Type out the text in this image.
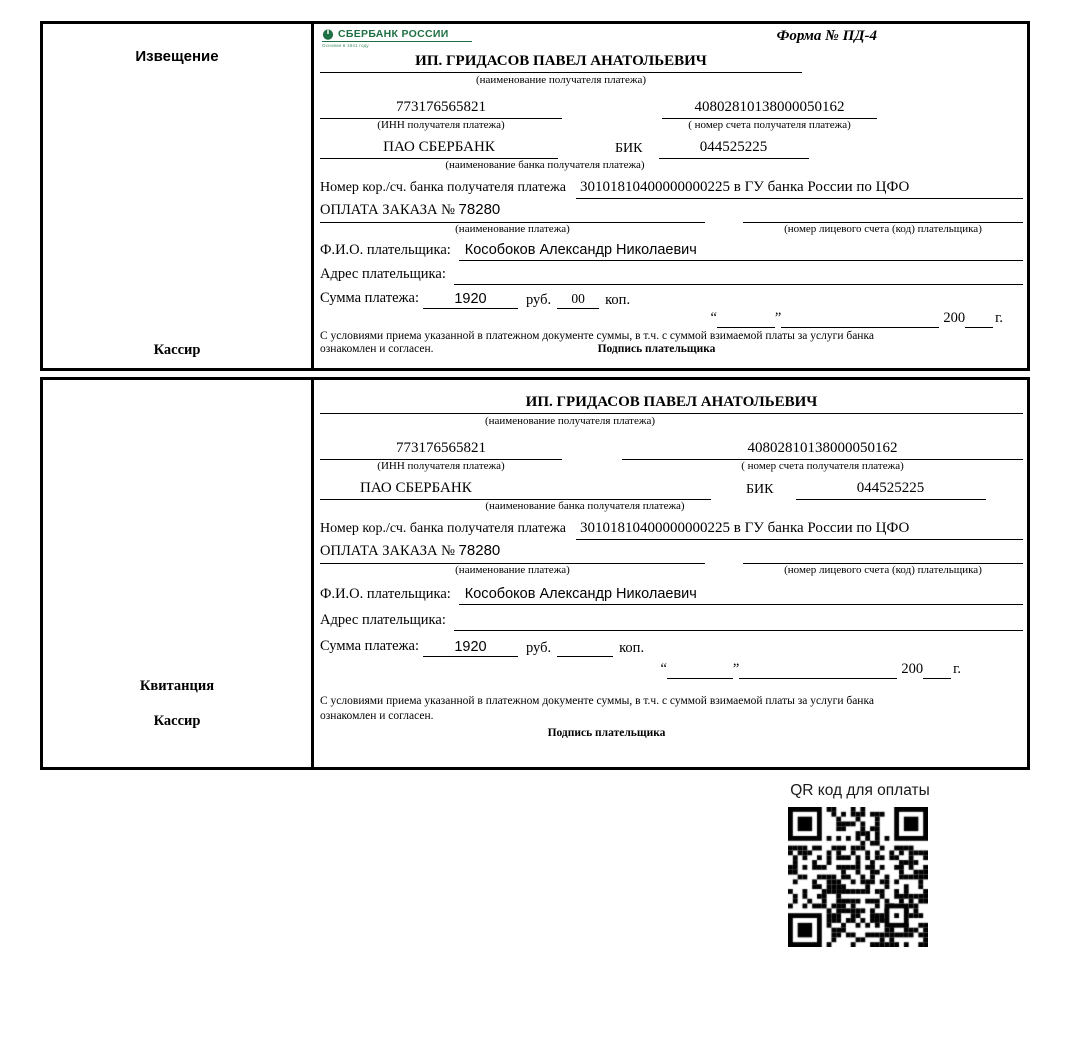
Извещение
Кассир
СБЕРБАНК РОССИИ
Основан в 1841 году
Форма № ПД-4
ИП. ГРИДАСОВ ПАВЕЛ АНАТОЛЬЕВИЧ
(наименование получателя платежа)
773176565821	40802810138000050162
(ИНН получателя платежа)	( номер счета получателя платежа)
ПАО СБЕРБАНК	БИК	044525225
(наименование банка получателя платежа)
Номер кор./сч. банка получателя платежа 30101810400000000225 в ГУ банка России по ЦФО
ОПЛАТА ЗАКАЗА № 78280
(наименование платежа)	(номер лицевого счета (код) плательщика)
Ф.И.О. плательщика: Кособоков Александр Николаевич
Адрес плательщика:
Сумма платежа:	1920	руб.	00	коп.
“	”	200 г.
С условиями приема указанной в платежном документе суммы, в т.ч. с суммой взимаемой платы за услуги банка
ознакомлен и согласен.	Подпись плательщика
Квитанция
Кассир
ИП. ГРИДАСОВ ПАВЕЛ АНАТОЛЬЕВИЧ
(наименование получателя платежа)
773176565821	40802810138000050162
(ИНН получателя платежа)	( номер счета получателя платежа)
ПАО СБЕРБАНК	БИК	044525225
(наименование банка получателя платежа)
Номер кор./сч. банка получателя платежа 30101810400000000225 в ГУ банка России по ЦФО
ОПЛАТА ЗАКАЗА № 78280
(наименование платежа)	(номер лицевого счета (код) плательщика)
Ф.И.О. плательщика: Кособоков Александр Николаевич
Адрес плательщика:
Сумма платежа:	1920	руб.	коп.
“	”	200 г.
С условиями приема указанной в платежном документе суммы, в т.ч. с суммой взимаемой платы за услуги банка
ознакомлен и согласен.
Подпись плательщика
QR код для оплаты
